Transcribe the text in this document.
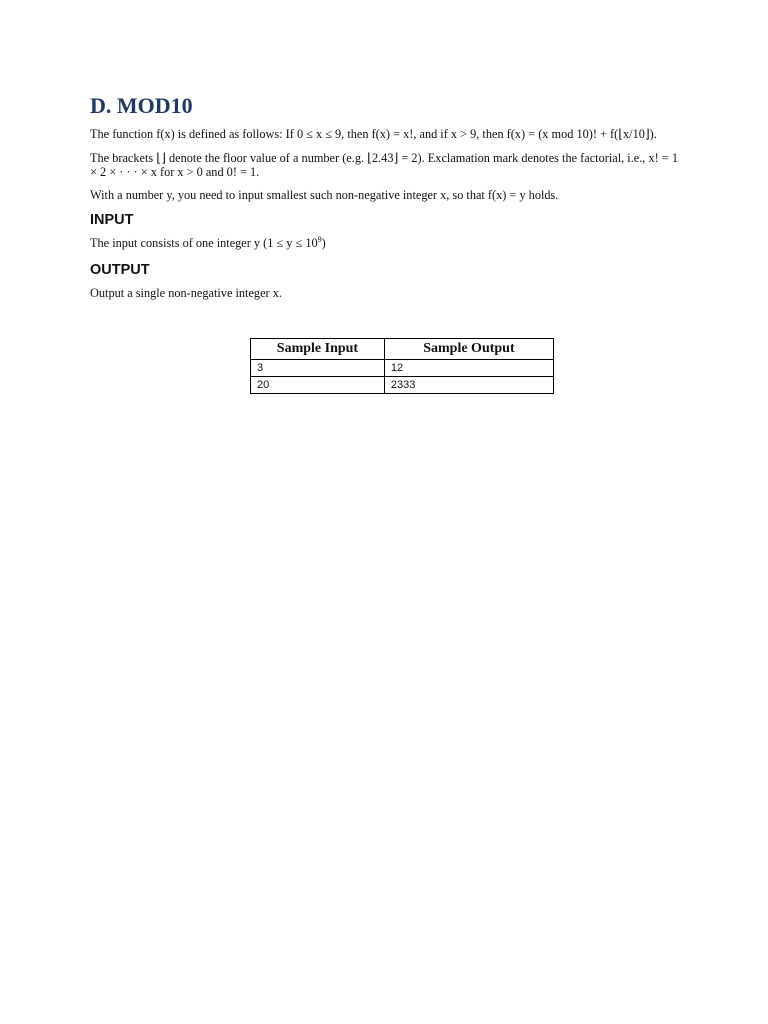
D. MOD10

The function f(x) is defined as follows: If 0 ≤ x ≤ 9, then f(x) = x!, and if x > 9, then f(x) = (x mod 10)! + f(⌊x/10⌋).

The brackets ⌊⌋ denote the floor value of a number (e.g. ⌊2.43⌋ = 2). Exclamation mark denotes the factorial, i.e., x! = 1 × 2 × · · · × x for x > 0 and 0! = 1.

With a number y, you need to input smallest such non-negative integer x, so that f(x) = y holds.

INPUT

The input consists of one integer y $(1 \le y \le 10^9)$

OUTPUT

Output a single non-negative integer x.

Sample Input	Sample Output
3	12
20	2333
